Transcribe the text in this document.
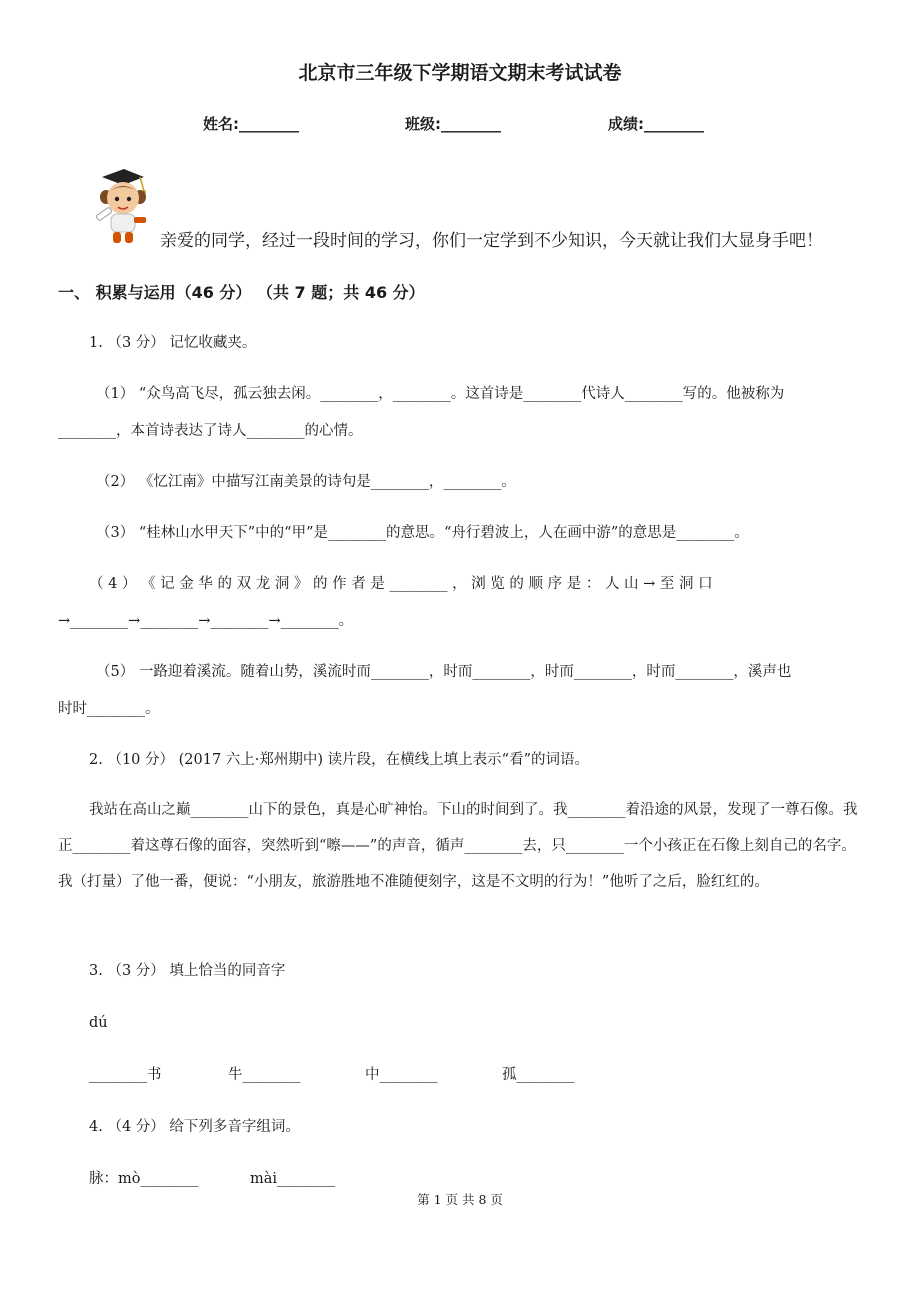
北京市三年级下学期语文期末考试试卷
姓名:________	班级:________	成绩:________
亲爱的同学，经过一段时间的学习，你们一定学到不少知识，今天就让我们大显身手吧！
一、 积累与运用（46 分） （共 7 题；共 46 分）
1. （3 分） 记忆收藏夹。
（1） “众鸟高飞尽，孤云独去闲。________，________。这首诗是________代诗人________写的。他被称为
________，本首诗表达了诗人________的心情。
（2） 《忆江南》中描写江南美景的诗句是________，________。
（3） “桂林山水甲天下”中的“甲”是________的意思。“舟行碧波上，人在画中游”的意思是________。
（ 4 ） 《 记 金 华 的 双 龙 洞 》 的 作 者 是 ________ ， 浏 览 的 顺 序 是 ： 人 山 → 至 洞 口
→________→________→________→________。
（5） 一路迎着溪流。随着山势，溪流时而________，时而________，时而________，时而________，溪声也
时时________。
2. （10 分） (2017 六上·郑州期中) 读片段，在横线上填上表示“看”的词语。
我站在高山之巅________山下的景色，真是心旷神怡。下山的时间到了。我________着沿途的风景，发现了一尊石像。我正________着这尊石像的面容，突然听到“嚓——”的声音，循声________去，只________一个小孩正在石像上刻自己的名字。我（打量）了他一番，便说：“小朋友，旅游胜地不准随便刻字，这是不文明的行为！”他听了之后，脸红红的。
3. （3 分） 填上恰当的同音字
dú
________书	牛________	中________	孤________
4. （4 分） 给下列多音字组词。
脉：mò________	mài________
第 1 页 共 8 页
